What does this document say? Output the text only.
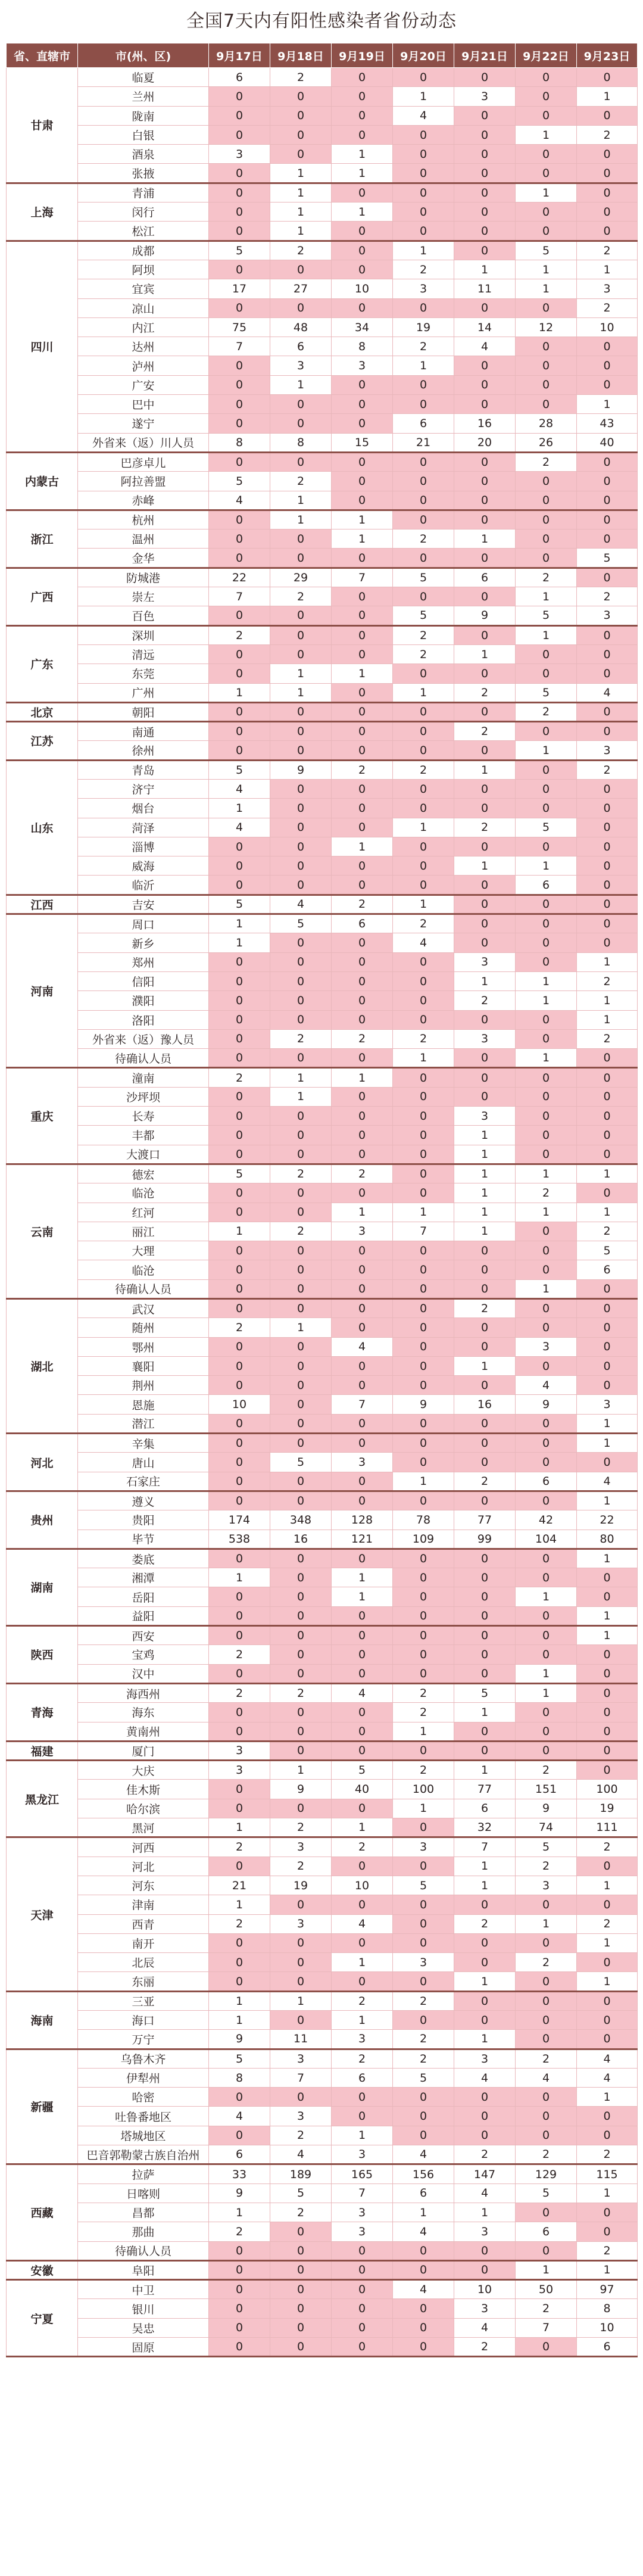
全国7天内有阳性感染者省份动态
省、直辖市	市(州、区)	9月17日	9月18日	9月19日	9月20日	9月21日	9月22日	9月23日
甘肃	临夏	6	2	0	0	0	0	0
	兰州	0	0	0	1	3	0	1
	陇南	0	0	0	4	0	0	0
	白银	0	0	0	0	0	1	2
	酒泉	3	0	1	0	0	0	0
	张掖	0	1	1	0	0	0	0
上海	青浦	0	1	0	0	0	1	0
	闵行	0	1	1	0	0	0	0
	松江	0	1	0	0	0	0	0
四川	成都	5	2	0	1	0	5	2
	阿坝	0	0	0	2	1	1	1
	宜宾	17	27	10	3	11	1	3
	凉山	0	0	0	0	0	0	2
	内江	75	48	34	19	14	12	10
	达州	7	6	8	2	4	0	0
	泸州	0	3	3	1	0	0	0
	广安	0	1	0	0	0	0	0
	巴中	0	0	0	0	0	0	1
	遂宁	0	0	0	6	16	28	43
	外省来（返）川人员	8	8	15	21	20	26	40
内蒙古	巴彦卓儿	0	0	0	0	0	2	0
	阿拉善盟	5	2	0	0	0	0	0
	赤峰	4	1	0	0	0	0	0
浙江	杭州	0	1	1	0	0	0	0
	温州	0	0	1	2	1	0	0
	金华	0	0	0	0	0	0	5
广西	防城港	22	29	7	5	6	2	0
	崇左	7	2	0	0	0	1	2
	百色	0	0	0	5	9	5	3
广东	深圳	2	0	0	2	0	1	0
	清远	0	0	0	2	1	0	0
	东莞	0	1	1	0	0	0	0
	广州	1	1	0	1	2	5	4
北京	朝阳	0	0	0	0	0	2	0
江苏	南通	0	0	0	0	2	0	0
	徐州	0	0	0	0	0	1	3
山东	青岛	5	9	2	2	1	0	2
	济宁	4	0	0	0	0	0	0
	烟台	1	0	0	0	0	0	0
	菏泽	4	0	0	1	2	5	0
	淄博	0	0	1	0	0	0	0
	威海	0	0	0	0	1	1	0
	临沂	0	0	0	0	0	6	0
江西	吉安	5	4	2	1	0	0	0
河南	周口	1	5	6	2	0	0	0
	新乡	1	0	0	4	0	0	0
	郑州	0	0	0	0	3	0	1
	信阳	0	0	0	0	1	1	2
	濮阳	0	0	0	0	2	1	1
	洛阳	0	0	0	0	0	0	1
	外省来（返）豫人员	0	2	2	2	3	0	2
	待确认人员	0	0	0	1	0	1	0
重庆	潼南	2	1	1	0	0	0	0
	沙坪坝	0	1	0	0	0	0	0
	长寿	0	0	0	0	3	0	0
	丰都	0	0	0	0	1	0	0
	大渡口	0	0	0	0	1	0	0
云南	德宏	5	2	2	0	1	1	1
	临沧	0	0	0	0	1	2	0
	红河	0	0	1	1	1	1	1
	丽江	1	2	3	7	1	0	2
	大理	0	0	0	0	0	0	5
	临沧	0	0	0	0	0	0	6
	待确认人员	0	0	0	0	0	1	0
湖北	武汉	0	0	0	0	2	0	0
	随州	2	1	0	0	0	0	0
	鄂州	0	0	4	0	0	3	0
	襄阳	0	0	0	0	1	0	0
	荆州	0	0	0	0	0	4	0
	恩施	10	0	7	9	16	9	3
	潜江	0	0	0	0	0	0	1
河北	辛集	0	0	0	0	0	0	1
	唐山	0	5	3	0	0	0	0
	石家庄	0	0	0	1	2	6	4
贵州	遵义	0	0	0	0	0	0	1
	贵阳	174	348	128	78	77	42	22
	毕节	538	16	121	109	99	104	80
湖南	娄底	0	0	0	0	0	0	1
	湘潭	1	0	1	0	0	0	0
	岳阳	0	0	1	0	0	1	0
	益阳	0	0	0	0	0	0	1
陕西	西安	0	0	0	0	0	0	1
	宝鸡	2	0	0	0	0	0	0
	汉中	0	0	0	0	0	1	0
青海	海西州	2	2	4	2	5	1	0
	海东	0	0	0	2	1	0	0
	黄南州	0	0	0	1	0	0	0
福建	厦门	3	0	0	0	0	0	0
黑龙江	大庆	3	1	5	2	1	2	0
	佳木斯	0	9	40	100	77	151	100
	哈尔滨	0	0	0	1	6	9	19
	黑河	1	2	1	0	32	74	111
天津	河西	2	3	2	3	7	5	2
	河北	0	2	0	0	1	2	0
	河东	21	19	10	5	1	3	1
	津南	1	0	0	0	0	0	0
	西青	2	3	4	0	2	1	2
	南开	0	0	0	0	0	0	1
	北辰	0	0	1	3	0	2	0
	东丽	0	0	0	0	1	0	1
海南	三亚	1	1	2	2	0	0	0
	海口	1	0	1	0	0	0	0
	万宁	9	11	3	2	1	0	0
新疆	乌鲁木齐	5	3	2	2	3	2	4
	伊犁州	8	7	6	5	4	4	4
	哈密	0	0	0	0	0	0	1
	吐鲁番地区	4	3	0	0	0	0	0
	塔城地区	0	2	1	0	0	0	0
	巴音郭勒蒙古族自治州	6	4	3	4	2	2	2
西藏	拉萨	33	189	165	156	147	129	115
	日喀则	9	5	7	6	4	5	1
	昌都	1	2	3	1	1	0	0
	那曲	2	0	3	4	3	6	0
	待确认人员	0	0	0	0	0	0	2
安徽	阜阳	0	0	0	0	0	1	1
宁夏	中卫	0	0	0	4	10	50	97
	银川	0	0	0	0	3	2	8
	吴忠	0	0	0	0	4	7	10
	固原	0	0	0	0	2	0	6
